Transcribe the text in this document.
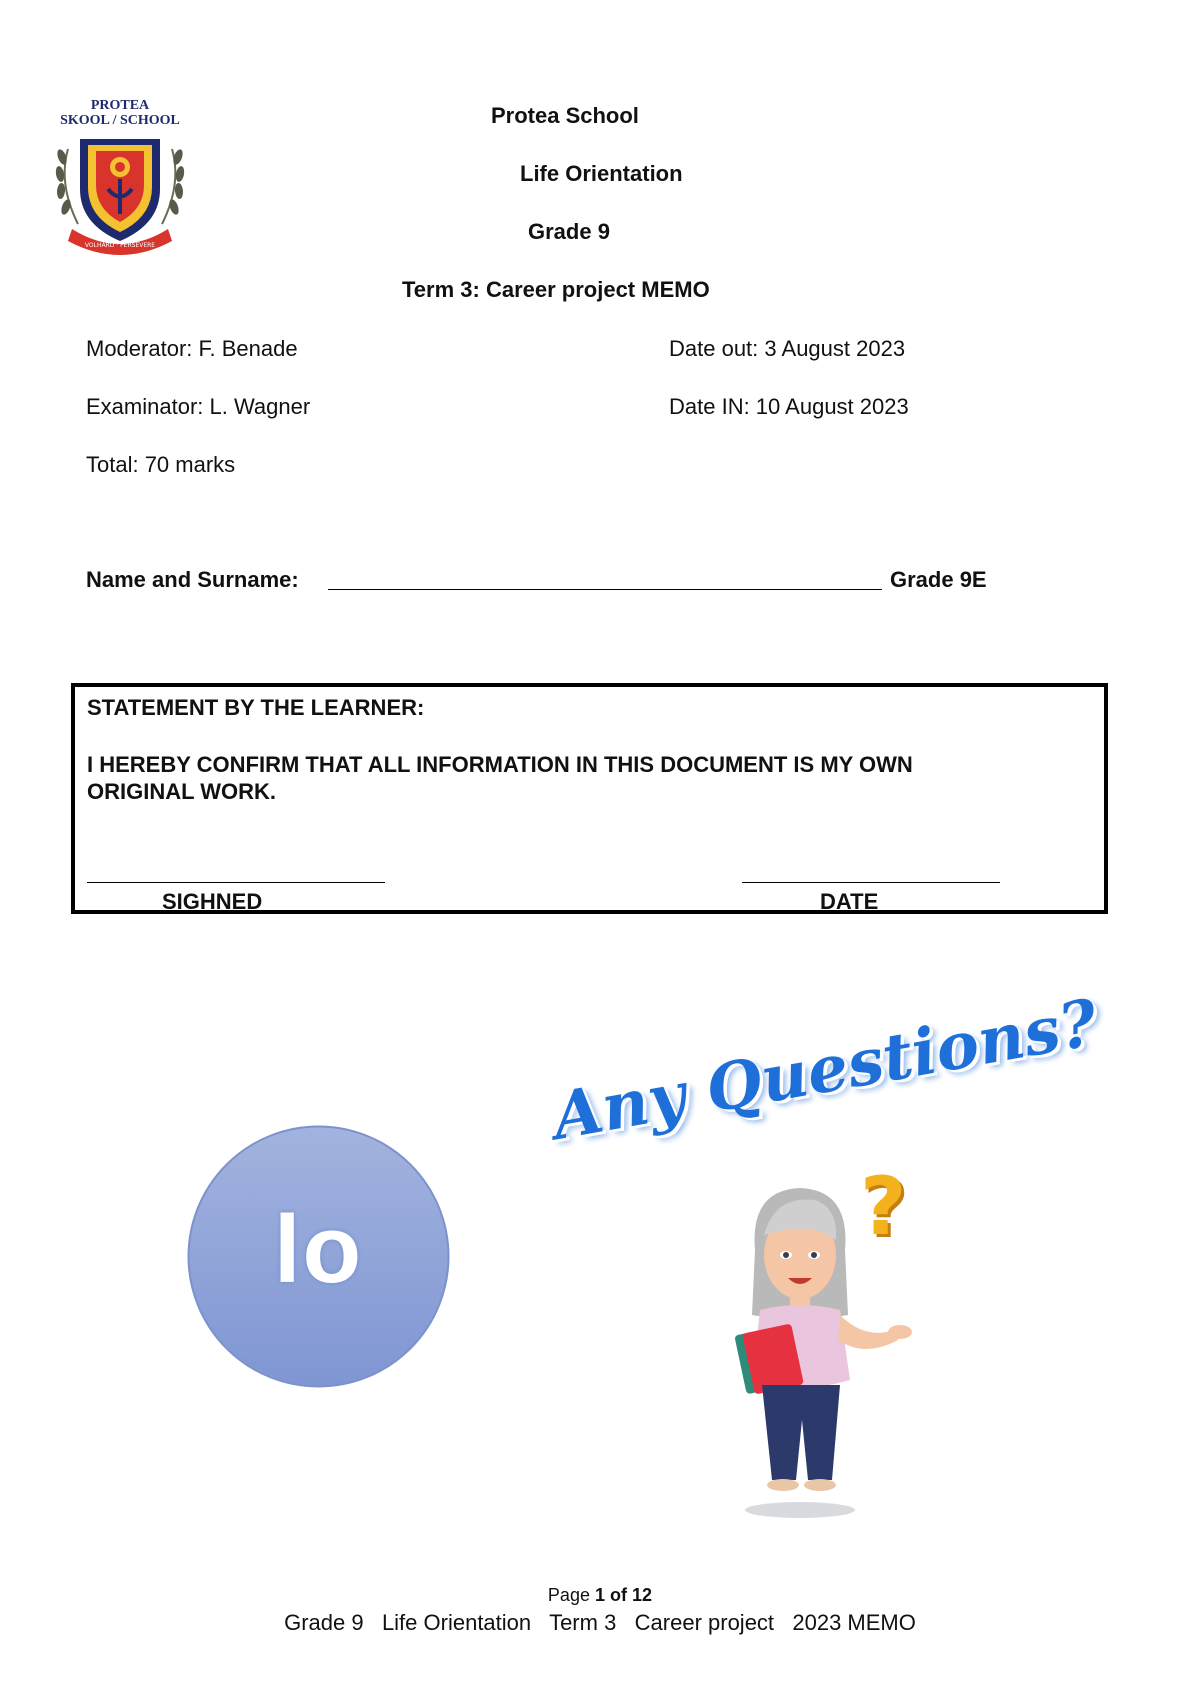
PROTEA
SKOOL / SCHOOL
VOLHARD · PERSEVERE
Protea School
Life Orientation
Grade 9
Term 3: Career project MEMO
Moderator: F. Benade	Date out: 3 August 2023
Examinator: L. Wagner	Date IN: 10 August 2023
Total: 70 marks
Name and Surname:	Grade 9E
STATEMENT BY THE LEARNER:
I HEREBY CONFIRM THAT ALL INFORMATION IN THIS DOCUMENT IS MY OWN
ORIGINAL WORK.
SIGHNED	DATE
lo
Any Questions?
?
Page 1 of 12
Grade 9   Life Orientation   Term 3   Career project   2023 MEMO
